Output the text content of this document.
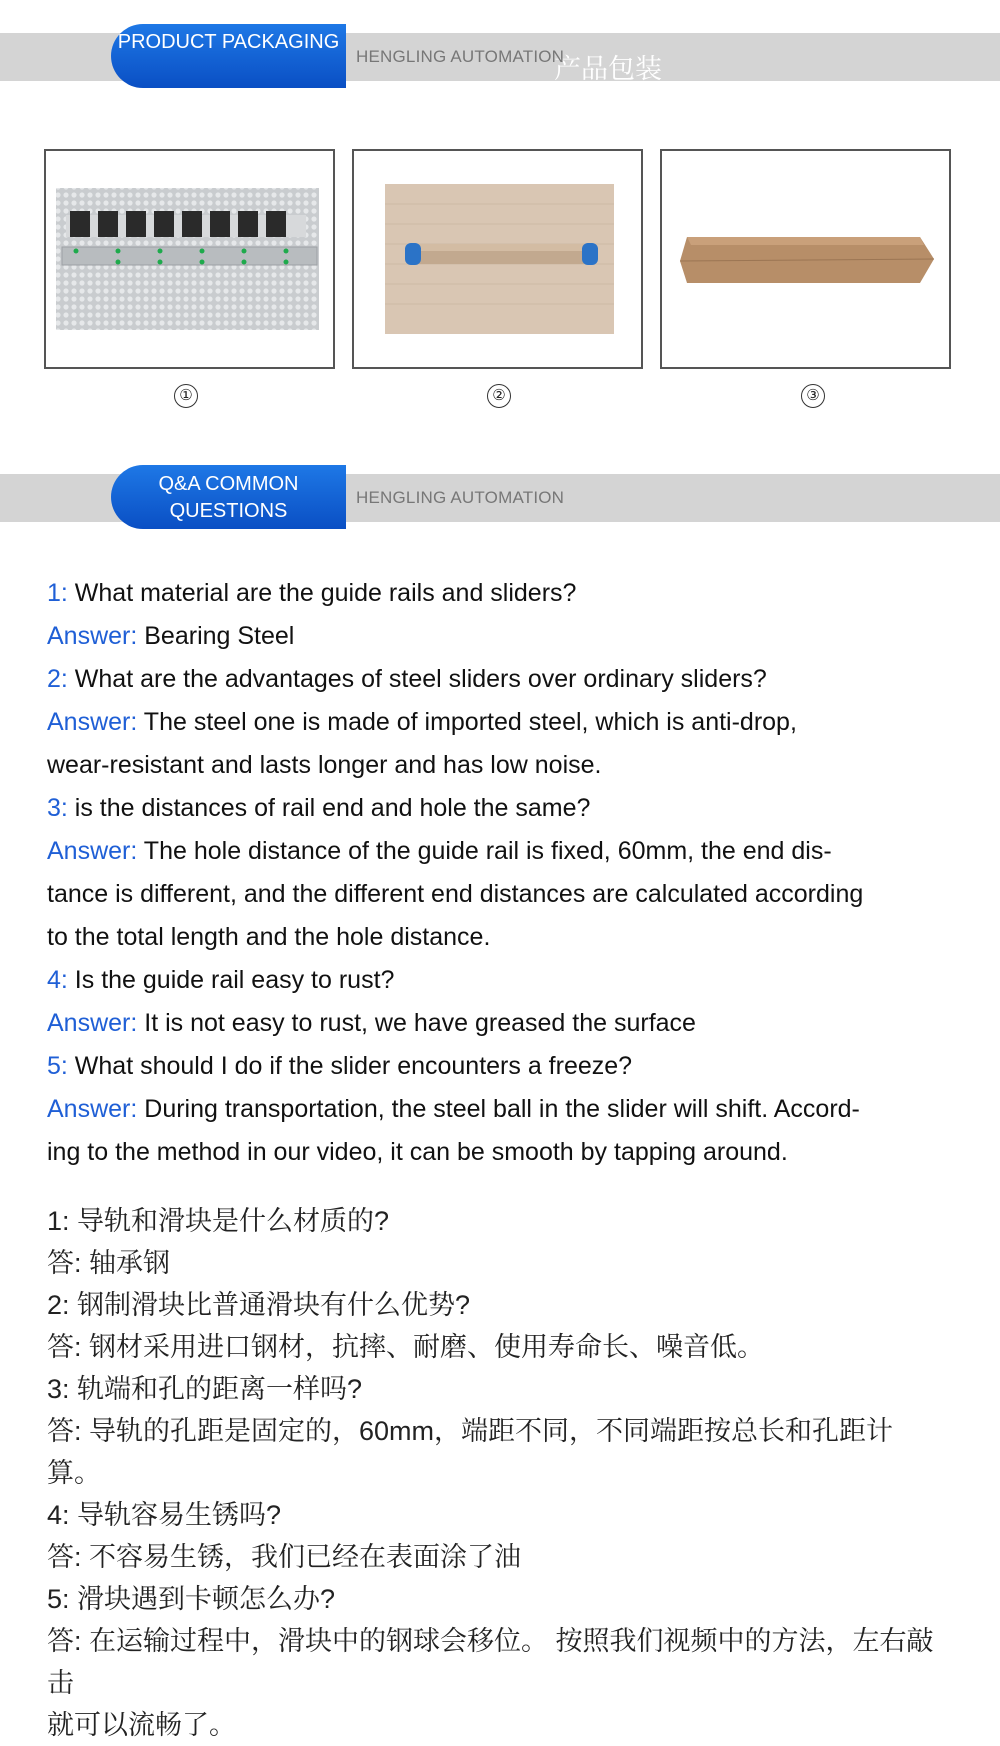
PRODUCT PACKAGING
产品包装
HENGLING AUTOMATION
①	②	③
Q&A COMMON
QUESTIONS
HENGLING AUTOMATION
1: What material are the guide rails and sliders?
Answer: Bearing Steel
2: What are the advantages of steel sliders over ordinary sliders?
Answer: The steel one is made of imported steel, which is anti-drop,
wear-resistant and lasts longer and has low noise.
3: is the distances of rail end and hole the same?
Answer: The hole distance of the guide rail is fixed, 60mm, the end dis-
tance is different, and the different end distances are calculated according
to the total length and the hole distance.
4: Is the guide rail easy to rust?
Answer: It is not easy to rust, we have greased the surface
5: What should I do if the slider encounters a freeze?
Answer: During transportation, the steel ball in the slider will shift. Accord-
ing to the method in our video, it can be smooth by tapping around.
1: 导轨和滑块是什么材质的?
答: 轴承钢
2: 钢制滑块比普通滑块有什么优势?
答: 钢材采用进口钢材，抗摔、耐磨、使用寿命长、噪音低。
3: 轨端和孔的距离一样吗?
答: 导轨的孔距是固定的，60mm，端距不同，不同端距按总长和孔距计算。
4: 导轨容易生锈吗?
答: 不容易生锈，我们已经在表面涂了油
5: 滑块遇到卡顿怎么办?
答: 在运输过程中，滑块中的钢球会移位。 按照我们视频中的方法，左右敲击
就可以流畅了。
